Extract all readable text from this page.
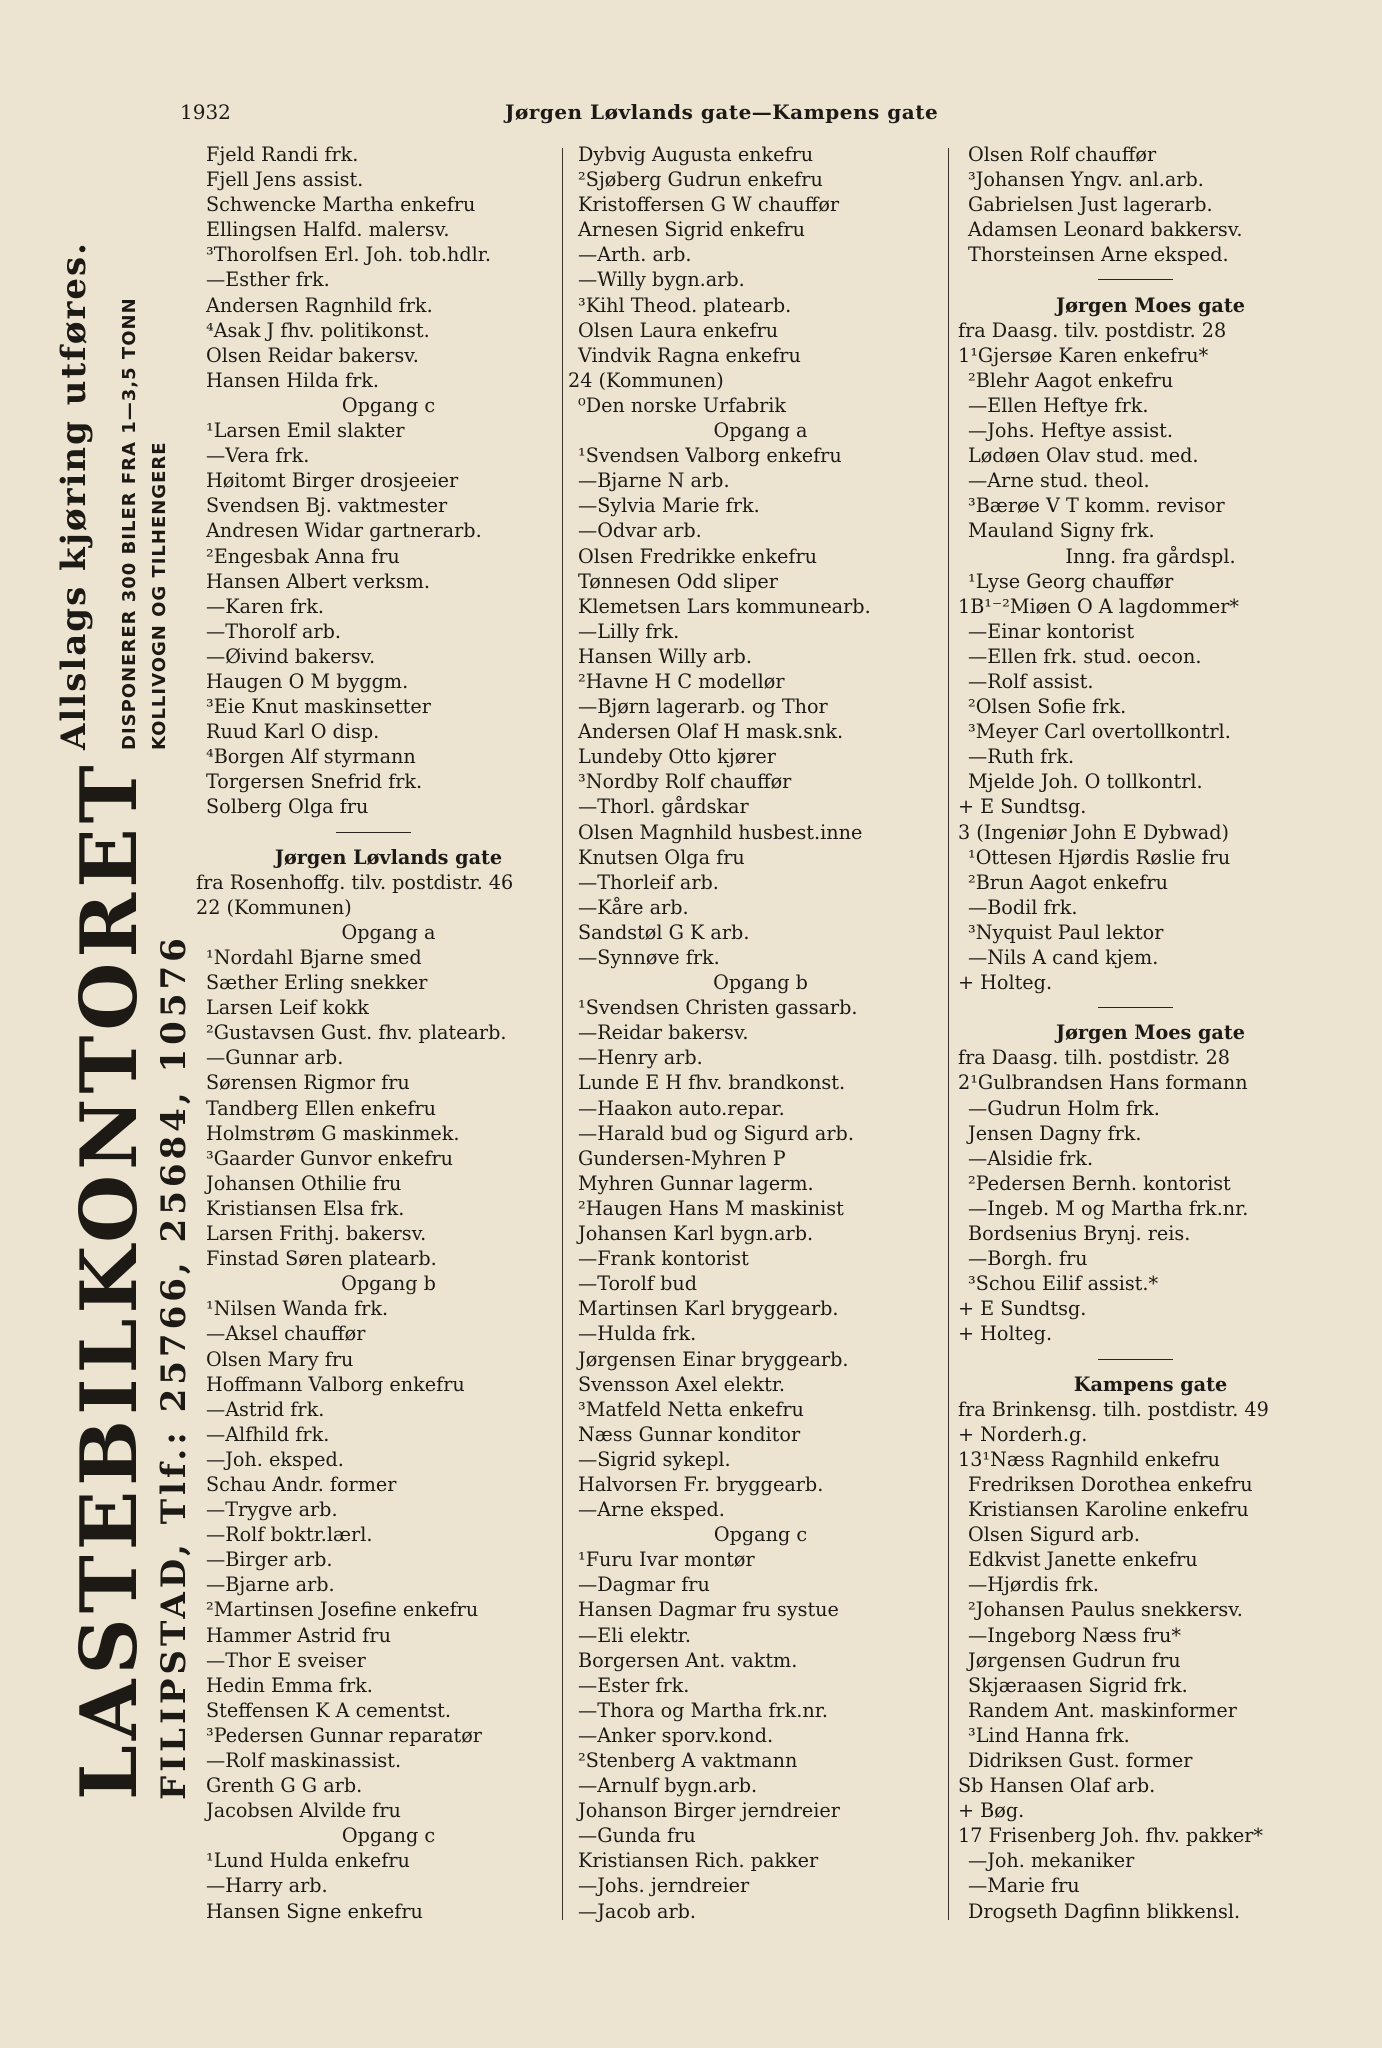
1932	Jørgen Løvlands gate—Kampens gate
LASTEBILKONTORET FILIPSTAD, Tlf.: 25766, 25684, 10576
Allslags kjøring utføres. DISPONERER 300 BILER FRA 1—3,5 TONN KOLLIVOGN OG TILHENGERE
Fjeld Randi frk.
Fjell Jens assist.
Schwencke Martha enkefru
Ellingsen Halfd. malersv.
³Thorolfsen Erl. Joh. tob.hdlr.
—Esther frk.
Andersen Ragnhild frk.
⁴Asak J fhv. politikonst.
Olsen Reidar bakersv.
Hansen Hilda frk.
Opgang c
¹Larsen Emil slakter
—Vera frk.
Høitomt Birger drosjeeier
Svendsen Bj. vaktmester
Andresen Widar gartnerarb.
²Engesbak Anna fru
Hansen Albert verksm.
—Karen frk.
—Thorolf arb.
—Øivind bakersv.
Haugen O M byggm.
³Eie Knut maskinsetter
Ruud Karl O disp.
⁴Borgen Alf styrmann
Torgersen Snefrid frk.
Solberg Olga fru
Jørgen Løvlands gate
fra Rosenhoffg. tilv. postdistr. 46
22 (Kommunen)
Opgang a
¹Nordahl Bjarne smed
Sæther Erling snekker
Larsen Leif kokk
²Gustavsen Gust. fhv. platearb.
—Gunnar arb.
Sørensen Rigmor fru
Tandberg Ellen enkefru
Holmstrøm G maskinmek.
³Gaarder Gunvor enkefru
Johansen Othilie fru
Kristiansen Elsa frk.
Larsen Frithj. bakersv.
Finstad Søren platearb.
Opgang b
¹Nilsen Wanda frk.
—Aksel chauffør
Olsen Mary fru
Hoffmann Valborg enkefru
—Astrid frk.
—Alfhild frk.
—Joh. eksped.
Schau Andr. former
—Trygve arb.
—Rolf boktr.lærl.
—Birger arb.
—Bjarne arb.
²Martinsen Josefine enkefru
Hammer Astrid fru
—Thor E sveiser
Hedin Emma frk.
Steffensen K A cementst.
³Pedersen Gunnar reparatør
—Rolf maskinassist.
Grenth G G arb.
Jacobsen Alvilde fru
Opgang c
¹Lund Hulda enkefru
—Harry arb.
Hansen Signe enkefru
Dybvig Augusta enkefru
²Sjøberg Gudrun enkefru
Kristoffersen G W chauffør
Arnesen Sigrid enkefru
—Arth. arb.
—Willy bygn.arb.
³Kihl Theod. platearb.
Olsen Laura enkefru
Vindvik Ragna enkefru
24 (Kommunen)
⁰Den norske Urfabrik
Opgang a
¹Svendsen Valborg enkefru
—Bjarne N arb.
—Sylvia Marie frk.
—Odvar arb.
Olsen Fredrikke enkefru
Tønnesen Odd sliper
Klemetsen Lars kommunearb.
—Lilly frk.
Hansen Willy arb.
²Havne H C modellør
—Bjørn lagerarb. og Thor
Andersen Olaf H mask.snk.
Lundeby Otto kjører
³Nordby Rolf chauffør
—Thorl. gårdskar
Olsen Magnhild husbest.inne
Knutsen Olga fru
—Thorleif arb.
—Kåre arb.
Sandstøl G K arb.
—Synnøve frk.
Opgang b
¹Svendsen Christen gassarb.
—Reidar bakersv.
—Henry arb.
Lunde E H fhv. brandkonst.
—Haakon auto.repar.
—Harald bud og Sigurd arb.
Gundersen-Myhren P
Myhren Gunnar lagerm.
²Haugen Hans M maskinist
Johansen Karl bygn.arb.
—Frank kontorist
—Torolf bud
Martinsen Karl bryggearb.
—Hulda frk.
Jørgensen Einar bryggearb.
Svensson Axel elektr.
³Matfeld Netta enkefru
Næss Gunnar konditor
—Sigrid sykepl.
Halvorsen Fr. bryggearb.
—Arne eksped.
Opgang c
¹Furu Ivar montør
—Dagmar fru
Hansen Dagmar fru systue
—Eli elektr.
Borgersen Ant. vaktm.
—Ester frk.
—Thora og Martha frk.nr.
—Anker sporv.kond.
²Stenberg A vaktmann
—Arnulf bygn.arb.
Johanson Birger jerndreier
—Gunda fru
Kristiansen Rich. pakker
—Johs. jerndreier
—Jacob arb.
Olsen Rolf chauffør
³Johansen Yngv. anl.arb.
Gabrielsen Just lagerarb.
Adamsen Leonard bakkersv.
Thorsteinsen Arne eksped.
Jørgen Moes gate
fra Daasg. tilv. postdistr. 28
1¹Gjersøe Karen enkefru*
²Blehr Aagot enkefru
—Ellen Heftye frk.
—Johs. Heftye assist.
Lødøen Olav stud. med.
—Arne stud. theol.
³Bærøe V T komm. revisor
Mauland Signy frk.
Inng. fra gårdspl.
¹Lyse Georg chauffør
1B¹⁻²Miøen O A lagdommer*
—Einar kontorist
—Ellen frk. stud. oecon.
—Rolf assist.
²Olsen Sofie frk.
³Meyer Carl overtollkontrl.
—Ruth frk.
Mjelde Joh. O tollkontrl.
+ E Sundtsg.
3 (Ingeniør John E Dybwad)
¹Ottesen Hjørdis Røslie fru
²Brun Aagot enkefru
—Bodil frk.
³Nyquist Paul lektor
—Nils A cand kjem.
+ Holteg.
Jørgen Moes gate
fra Daasg. tilh. postdistr. 28
2¹Gulbrandsen Hans formann
—Gudrun Holm frk.
Jensen Dagny frk.
—Alsidie frk.
²Pedersen Bernh. kontorist
—Ingeb. M og Martha frk.nr.
Bordsenius Brynj. reis.
—Borgh. fru
³Schou Eilif assist.*
+ E Sundtsg.
+ Holteg.
Kampens gate
fra Brinkensg. tilh. postdistr. 49
+ Norderh.g.
13¹Næss Ragnhild enkefru
Fredriksen Dorothea enkefru
Kristiansen Karoline enkefru
Olsen Sigurd arb.
Edkvist Janette enkefru
—Hjørdis frk.
²Johansen Paulus snekkersv.
—Ingeborg Næss fru*
Jørgensen Gudrun fru
Skjæraasen Sigrid frk.
Randem Ant. maskinformer
³Lind Hanna frk.
Didriksen Gust. former
Sb Hansen Olaf arb.
+ Bøg.
17 Frisenberg Joh. fhv. pakker*
—Joh. mekaniker
—Marie fru
Drogseth Dagfinn blikkensl.
